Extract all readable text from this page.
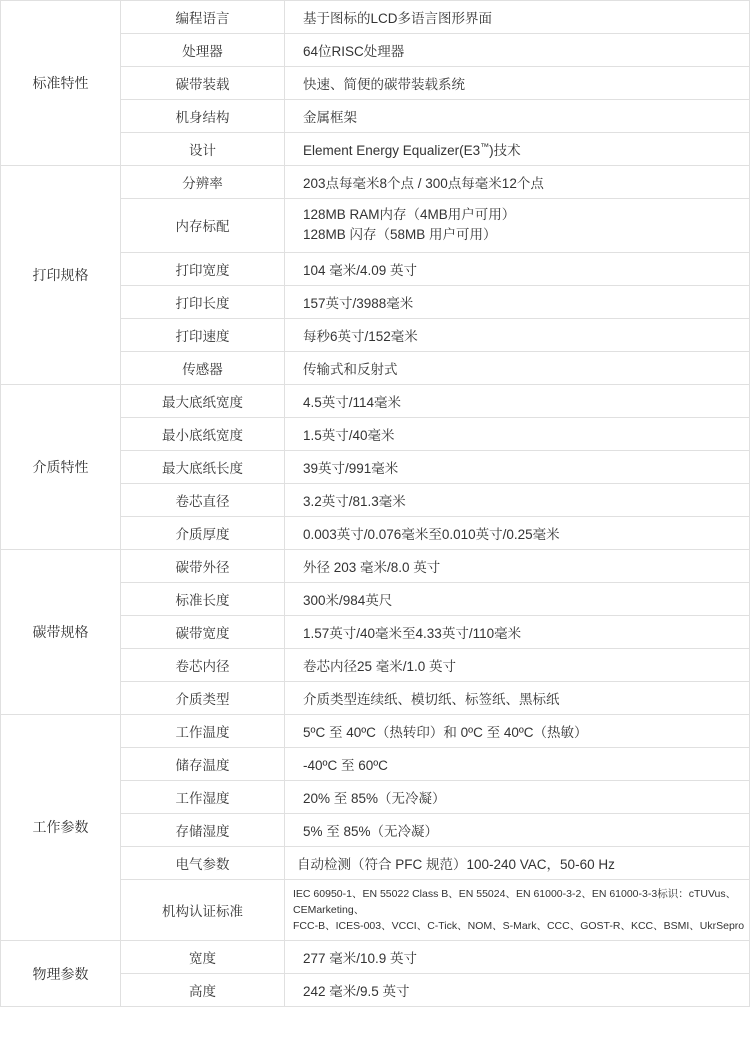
标准特性	编程语言	基于图标的LCD多语言图形界面
	处理器	64位RISC处理器
	碳带装载	快速、简便的碳带装载系统
	机身结构	金属框架
	设计	Element Energy Equalizer(E3™)技术
打印规格	分辨率	203点每毫米8个点 / 300点每毫米12个点
	内存标配	128MB RAM内存（4MB用户可用）
128MB 闪存（58MB 用户可用）

	打印宽度	104 毫米/4.09 英寸
	打印长度	157英寸/3988毫米
	打印速度	每秒6英寸/152毫米
	传感器	传输式和反射式
介质特性	最大底纸宽度	4.5英寸/114毫米
	最小底纸宽度	1.5英寸/40毫米
	最大底纸长度	39英寸/991毫米
	卷芯直径	3.2英寸/81.3毫米
	介质厚度	0.003英寸/0.076毫米至0.010英寸/0.25毫米
碳带规格	碳带外径	外径 203 毫米/8.0 英寸
	标准长度	300米/984英尺
	碳带宽度	1.57英寸/40毫米至4.33英寸/110毫米
	卷芯内径	卷芯内径25 毫米/1.0 英寸
	介质类型	介质类型连续纸、模切纸、标签纸、黑标纸
工作参数	工作温度	5ºC 至 40ºC（热转印）和 0ºC 至 40ºC（热敏）
	储存温度	-40ºC 至 60ºC
	工作湿度	20% 至 85%（无冷凝）
	存储湿度	5% 至 85%（无冷凝）
	电气参数	自动检测（符合 PFC 规范）100-240 VAC，50-60 Hz
	机构认证标准	IEC 60950-1、EN 55022 Class B、EN 55024、EN 61000-3-2、EN 61000-3-3标识：cTUVus、CEMarketing、
FCC-B、ICES-003、VCCI、C-Tick、NOM、S-Mark、CCC、GOST-R、KCC、BSMI、UkrSepro

物理参数	宽度	277 毫米/10.9 英寸
	高度	242 毫米/9.5 英寸
